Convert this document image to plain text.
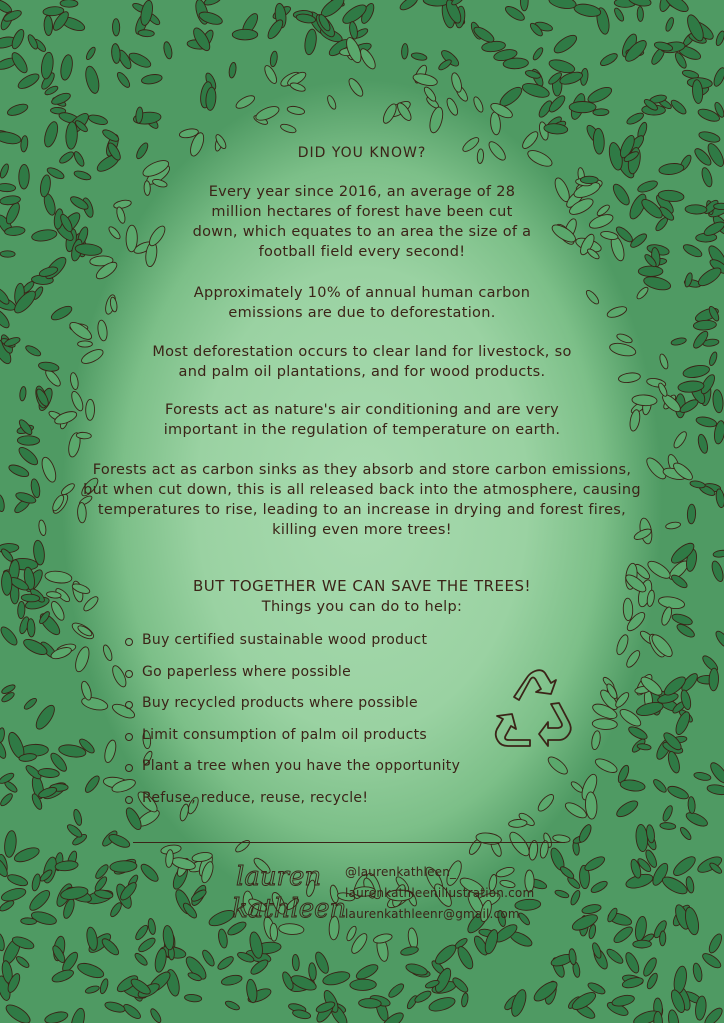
DID YOU KNOW?
Every year since 2016, an average of 28 million hectares of forest have been cut down, which equates to an area the size of a football field every second!
Approximately 10% of annual human carbon emissions are due to deforestation.
Most deforestation occurs to clear land for livestock, so and palm oil plantations, and for wood products.
Forests act as nature's air conditioning and are very important in the regulation of temperature on earth.
Forests act as carbon sinks as they absorb and store carbon emissions, but when cut down, this is all released back into the atmosphere, causing temperatures to rise, leading to an increase in drying and forest fires, killing even more trees!
BUT TOGETHER WE CAN SAVE THE TREES!
Things you can do to help:
Buy certified sustainable wood product
Go paperless where possible
Buy recycled products where possible
Limit consumption of palm oil products
Plant a tree when you have the opportunity
Refuse, reduce, reuse, recycle!
lauren
kathleen
@laurenkathleen_
laurenkathleenillustration.com
laurenkathleenr@gmail.com
